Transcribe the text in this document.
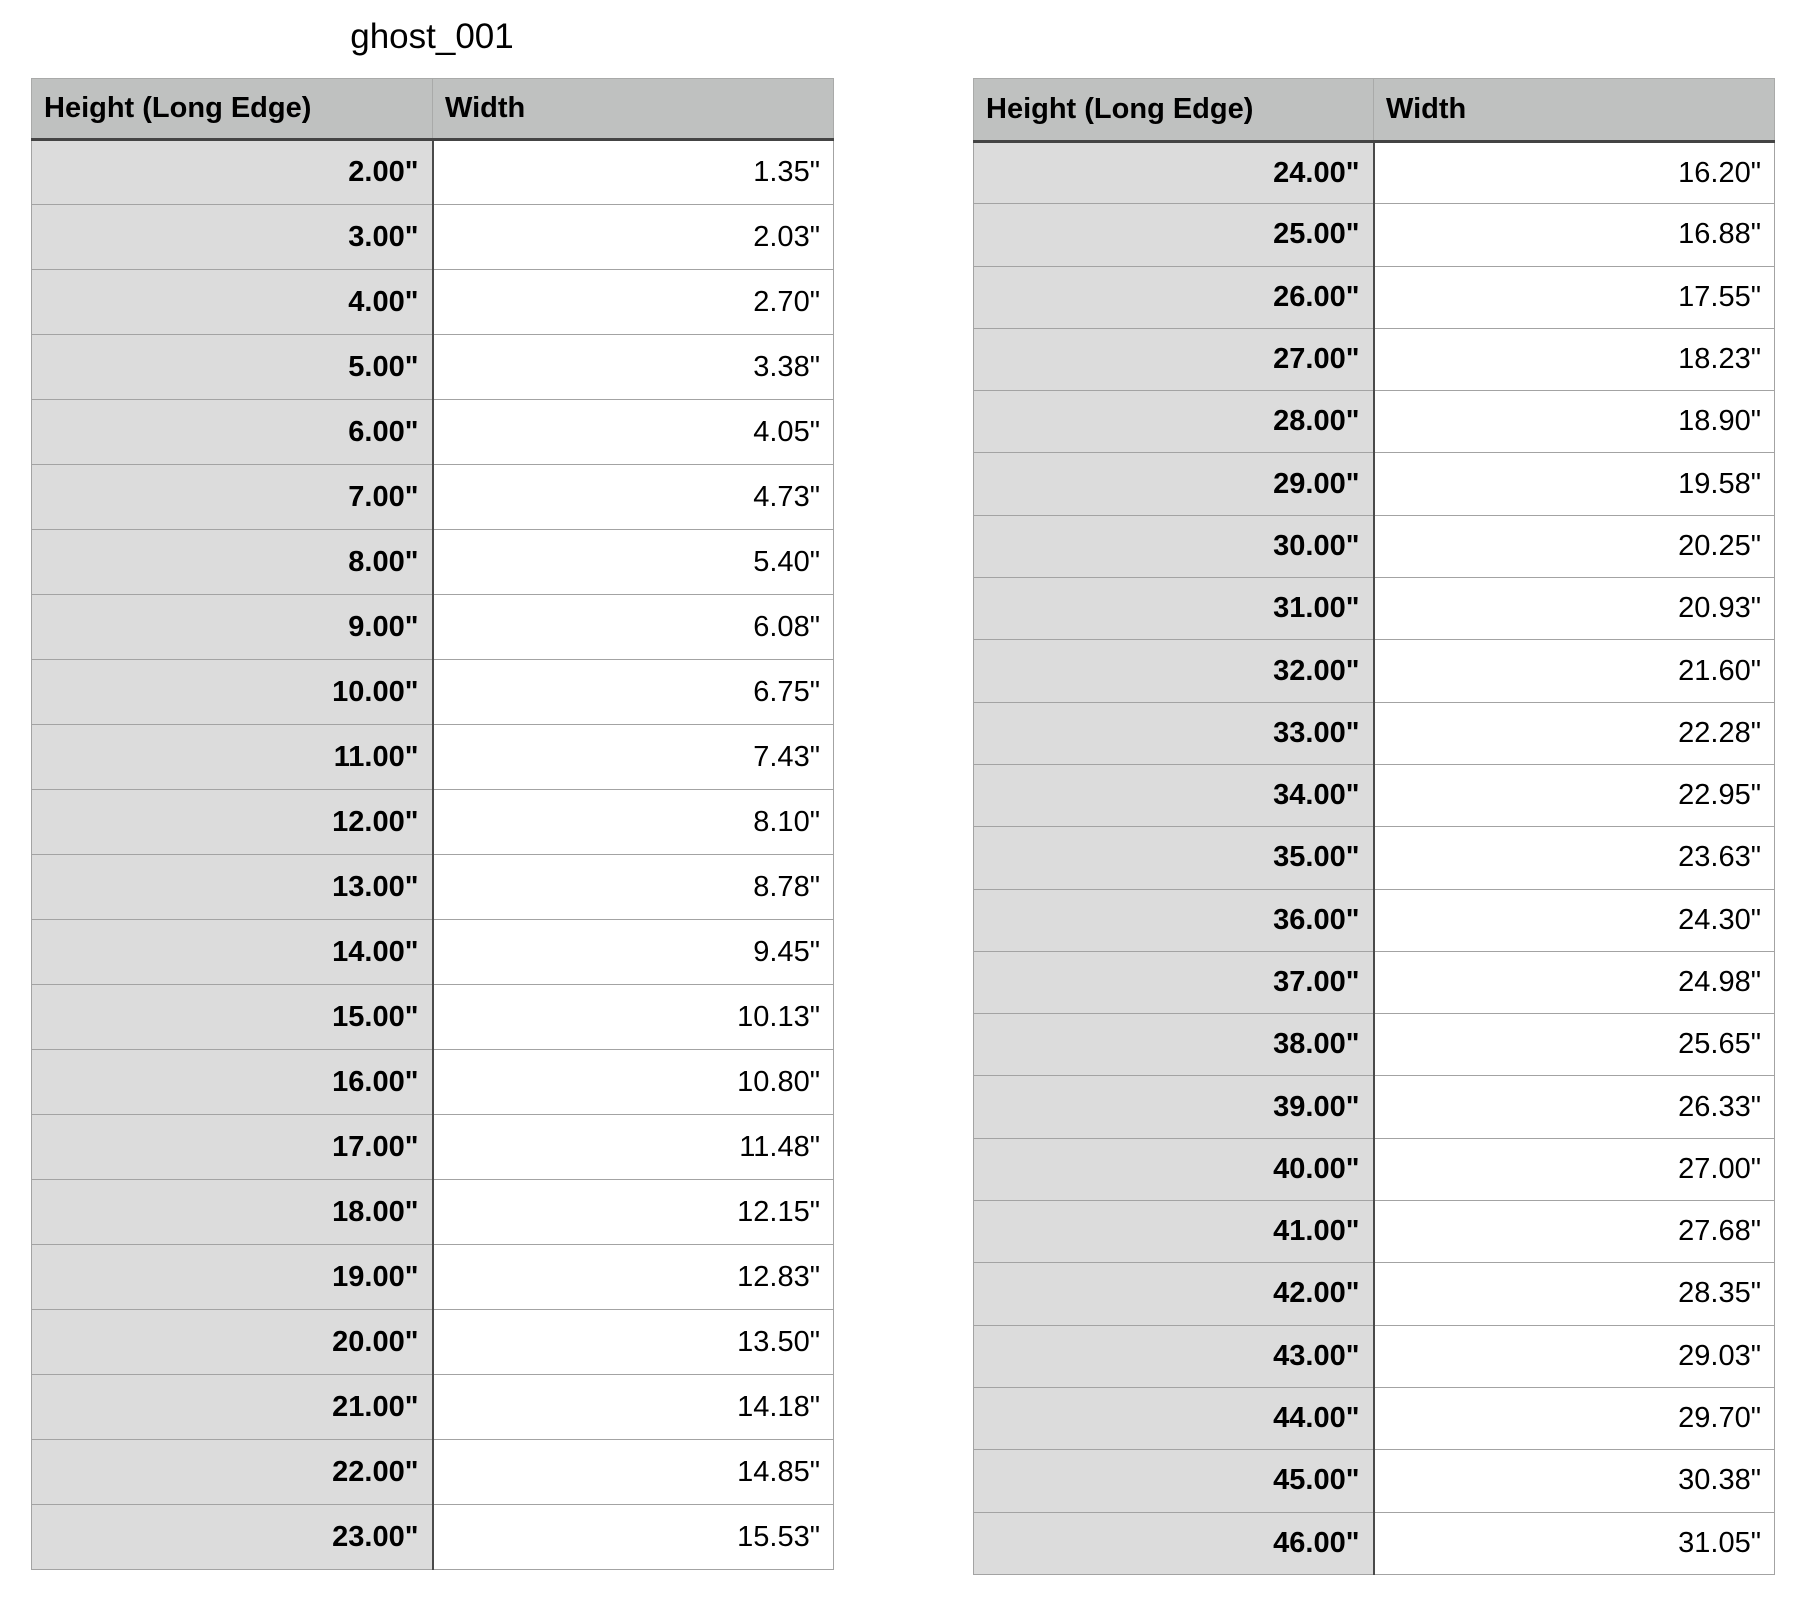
ghost_001
Height (Long Edge)	Width
2.00"	1.35"
3.00"	2.03"
4.00"	2.70"
5.00"	3.38"
6.00"	4.05"
7.00"	4.73"
8.00"	5.40"
9.00"	6.08"
10.00"	6.75"
11.00"	7.43"
12.00"	8.10"
13.00"	8.78"
14.00"	9.45"
15.00"	10.13"
16.00"	10.80"
17.00"	11.48"
18.00"	12.15"
19.00"	12.83"
20.00"	13.50"
21.00"	14.18"
22.00"	14.85"
23.00"	15.53"
Height (Long Edge)	Width
24.00"	16.20"
25.00"	16.88"
26.00"	17.55"
27.00"	18.23"
28.00"	18.90"
29.00"	19.58"
30.00"	20.25"
31.00"	20.93"
32.00"	21.60"
33.00"	22.28"
34.00"	22.95"
35.00"	23.63"
36.00"	24.30"
37.00"	24.98"
38.00"	25.65"
39.00"	26.33"
40.00"	27.00"
41.00"	27.68"
42.00"	28.35"
43.00"	29.03"
44.00"	29.70"
45.00"	30.38"
46.00"	31.05"
